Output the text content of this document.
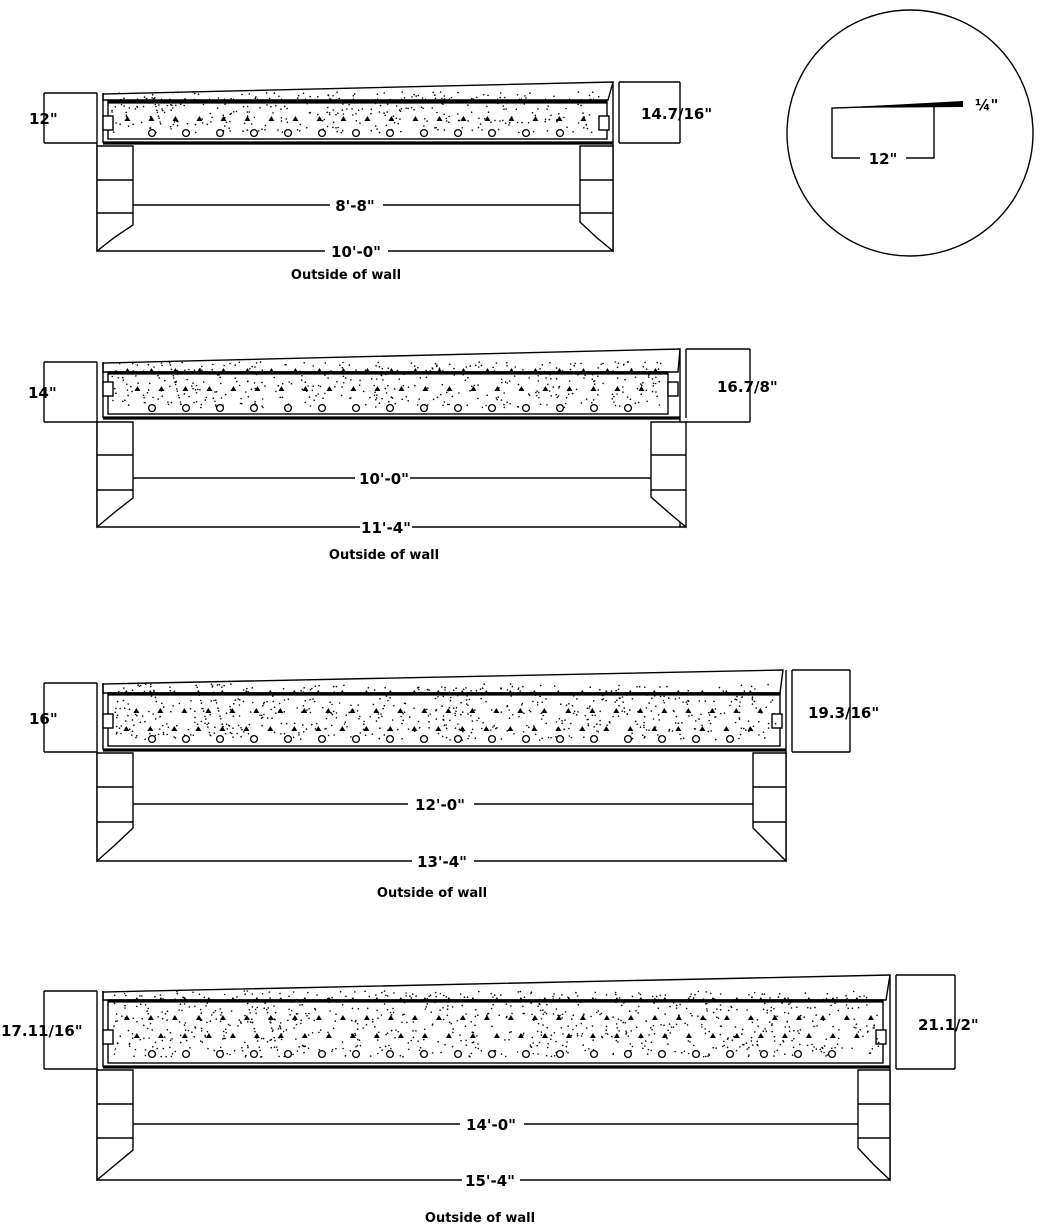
¼"
12"
12"	14.7/16"
8'-8"
10'-0"
Outside of wall
14"	16.7/8"
10'-0"
11'-4"
Outside of wall
16"	19.3/16"
12'-0"
13'-4"
Outside of wall
17.11/16"	21.1/2"
14'-0"
15'-4"
Outside of wall
